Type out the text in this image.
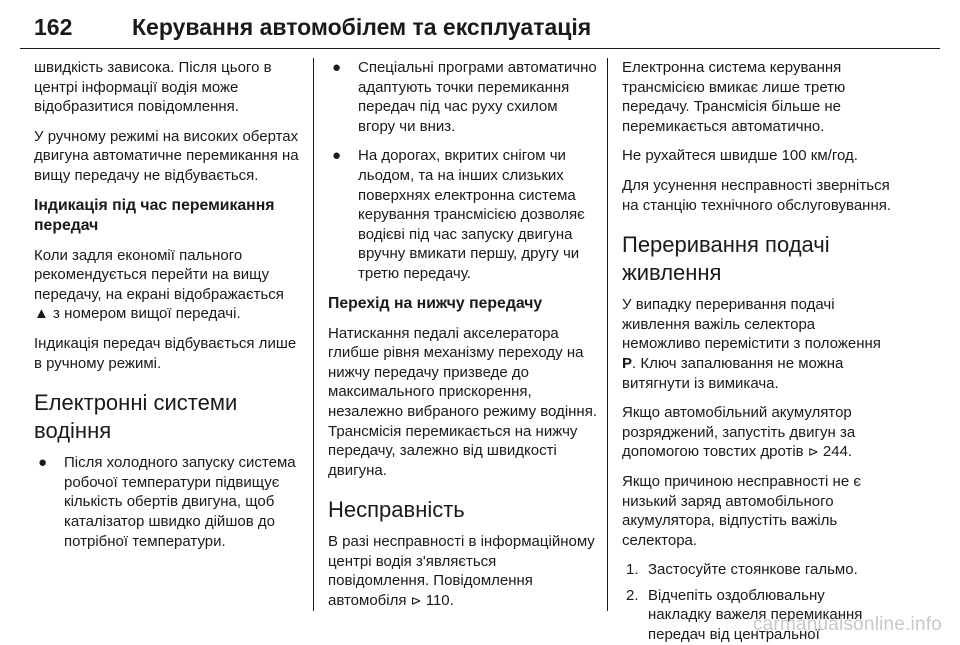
162	Керування автомобілем та експлуатація

швидкість зависока. Після цього в центрі інформації водія може відобразитися повідомлення.

У ручному режимі на високих обертах двигуна автоматичне перемикання на вищу передачу не відбувається.

Індикація під час перемикання передач

Коли задля економії пального рекомендується перейти на вищу передачу, на екрані відображається ▲ з номером вищої передачі.

Індикація передач відбувається лише в ручному режимі.

Електронні системи водіння
● Після холодного запуску система робочої температури підвищує кількість обертів двигуна, щоб каталізатор швидко дійшов до потрібної температури.
● Спеціальні програми автоматично адаптують точки перемикання передач під час руху схилом вгору чи вниз.
● На дорогах, вкритих снігом чи льодом, та на інших слизьких поверхнях електронна система керування трансмісією дозволяє водієві під час запуску двигуна вручну вмикати першу, другу чи третю передачу.
Перехід на нижчу передачу

Натискання педалі акселератора глибше рівня механізму переходу на нижчу передачу призведе до максимального прискорення, незалежно вибраного режиму водіння. Трансмісія перемикається на нижчу передачу, залежно від швидкості двигуна.

Несправність

В разі несправності в інформаційному центрі водія з'являється повідомлення. Повідомлення автомобіля ⊳ 110.

Електронна система керування трансмісією вмикає лише третю передачу. Трансмісія більше не перемикається автоматично.

Не рухайтеся швидше 100 км/год.

Для усунення несправності зверніться на станцію технічного обслуговування.

Переривання подачі живлення

У випадку переривання подачі живлення важіль селектора неможливо перемістити з положення P. Ключ запалювання не можна витягнути із вимикача.

Якщо автомобільний акумулятор розряджений, запустіть двигун за допомогою товстих дротів ⊳ 244.

Якщо причиною несправності не є низький заряд автомобільного акумулятора, відпустіть важіль селектора.

1. Застосуйте стоянкове гальмо.
2. Відчепіть оздоблювальну накладку важеля перемикання передач від центральної
carmanualsonline.info
